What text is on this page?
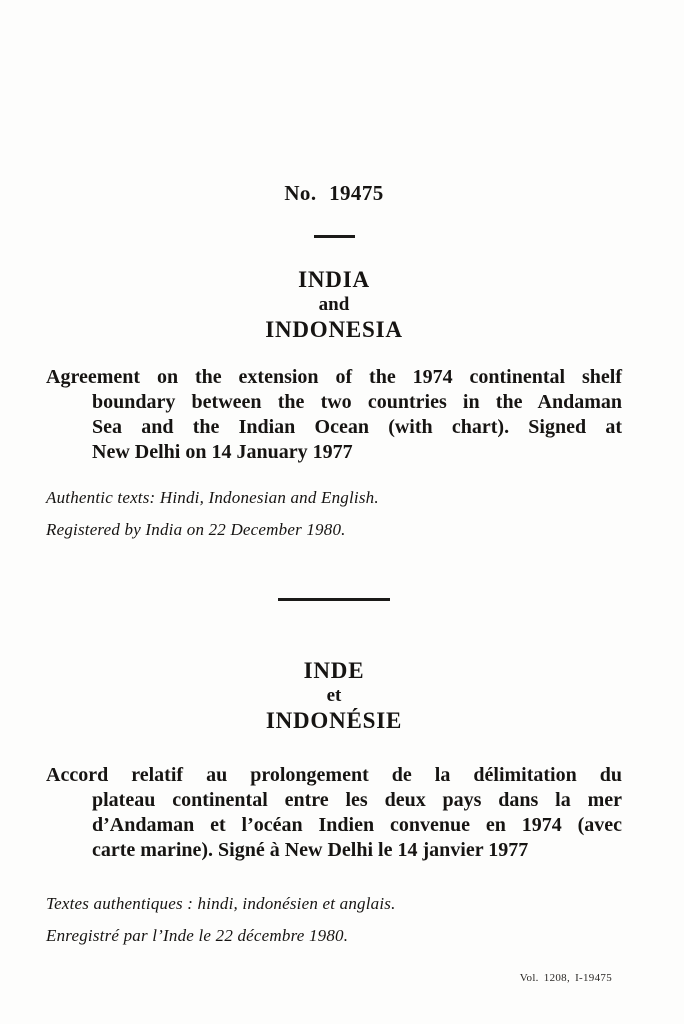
No. 19475
INDIA
and
INDONESIA
Agreement on the extension of the 1974 continental shelf
boundary between the two countries in the Andaman
Sea and the Indian Ocean (with chart). Signed at
New Delhi on 14 January 1977
Authentic texts: Hindi, Indonesian and English.
Registered by India on 22 December 1980.
INDE
et
INDONÉSIE
Accord relatif au prolongement de la délimitation du
plateau continental entre les deux pays dans la mer
d’Andaman et l’océan Indien convenue en 1974 (avec
carte marine). Signé à New Delhi le 14 janvier 1977
Textes authentiques : hindi, indonésien et anglais.
Enregistré par l’Inde le 22 décembre 1980.
Vol. 1208, I-19475
